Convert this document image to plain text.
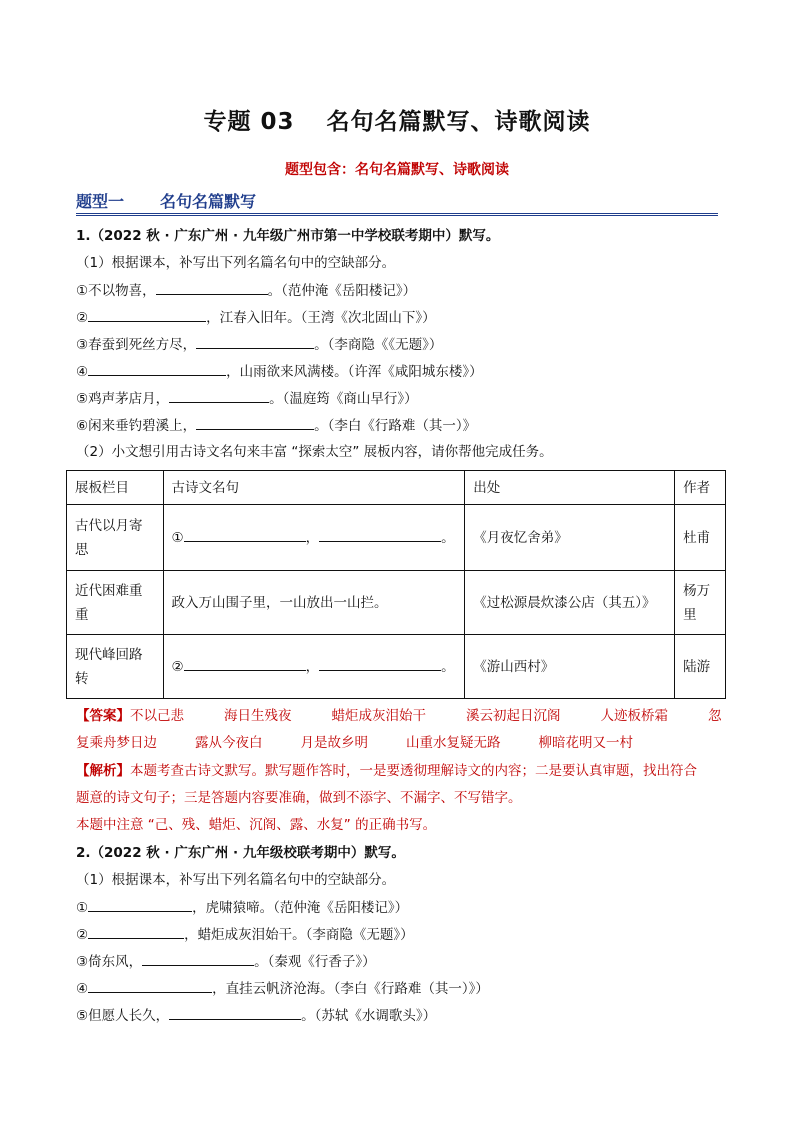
专题 03 名句名篇默写、诗歌阅读
题型包含：名句名篇默写、诗歌阅读
题型一 名句名篇默写
1.（2022 秋 · 广东广州 · 九年级广州市第一中学校联考期中）默写。
（1）根据课本，补写出下列名篇名句中的空缺部分。
①不以物喜，	。（范仲淹《岳阳楼记》）
②	，江春入旧年。（王湾《次北固山下》）
③春蚕到死丝方尽，	。（李商隐《《无题》）
④	，山雨欲来风满楼。（许浑《咸阳城东楼》）
⑤鸡声茅店月，	。（温庭筠《商山早行》）
⑥闲来垂钓碧溪上，	。（李白《行路难（其一）》
（2）小文想引用古诗文名句来丰富 “探索太空” 展板内容，请你帮他完成任务。
展板栏目	古诗文名句	出处	作者
古代以月寄思	① ， 。	《月夜忆舍弟》	杜甫
近代困难重重	政入万山围子里，一山放出一山拦。	《过松源晨炊漆公店（其五）》	杨万里
现代峰回路转	② ， 。	《游山西村》	陆游
【答案】不以己悲	海日生残夜	蜡炬成灰泪始干	溪云初起日沉阁	人迹板桥霜	忽
复乘舟梦日边	露从今夜白	月是故乡明	山重水复疑无路	柳暗花明又一村
【解析】本题考查古诗文默写。默写题作答时，一是要透彻理解诗文的内容；二是要认真审题，找出符合
题意的诗文句子；三是答题内容要准确，做到不添字、不漏字、不写错字。
本题中注意 “己、残、蜡炬、沉阁、露、水复” 的正确书写。
2.（2022 秋 · 广东广州 · 九年级校联考期中）默写。
（1）根据课本，补写出下列名篇名句中的空缺部分。
①	，虎啸猿啼。（范仲淹《岳阳楼记》）
②	，蜡炬成灰泪始干。（李商隐《无题》）
③倚东风，	。（秦观《行香子》）
④	，直挂云帆济沧海。（李白《行路难（其一）》）
⑤但愿人长久，	。（苏轼《水调歌头》）
